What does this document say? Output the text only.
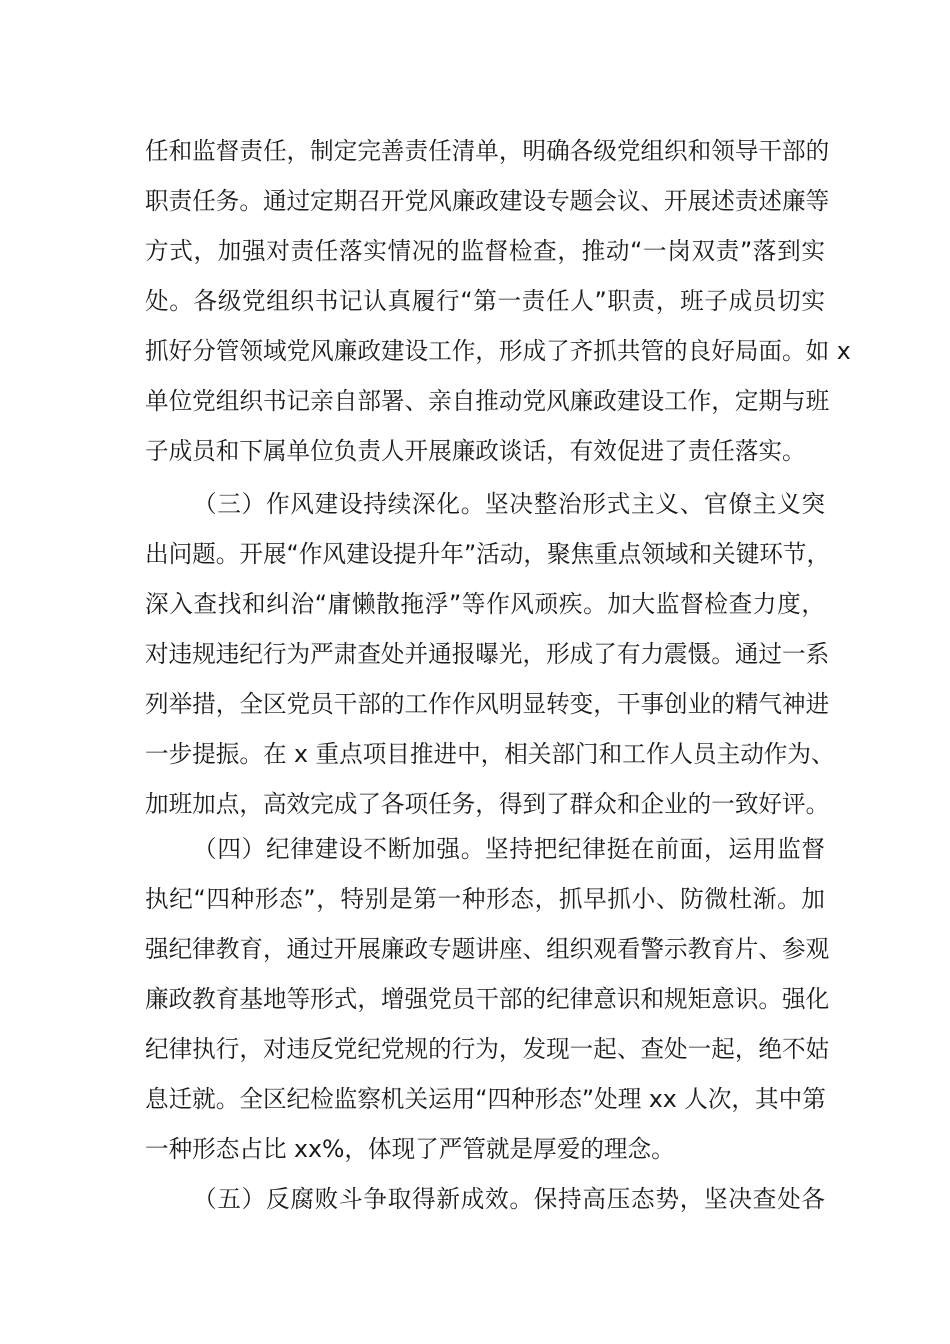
任和监督责任，制定完善责任清单，明确各级党组织和领导干部的
职责任务。通过定期召开党风廉政建设专题会议、开展述责述廉等
方式，加强对责任落实情况的监督检查，推动“一岗双责”落到实
处。各级党组织书记认真履行“第一责任人”职责，班子成员切实
抓好分管领域党风廉政建设工作，形成了齐抓共管的良好局面。如 x
单位党组织书记亲自部署、亲自推动党风廉政建设工作，定期与班
子成员和下属单位负责人开展廉政谈话，有效促进了责任落实。
（三）作风建设持续深化。坚决整治形式主义、官僚主义突
出问题。开展“作风建设提升年”活动，聚焦重点领域和关键环节，
深入查找和纠治“庸懒散拖浮”等作风顽疾。加大监督检查力度，
对违规违纪行为严肃查处并通报曝光，形成了有力震慑。通过一系
列举措，全区党员干部的工作作风明显转变，干事创业的精气神进
一步提振。在 x 重点项目推进中，相关部门和工作人员主动作为、
加班加点，高效完成了各项任务，得到了群众和企业的一致好评。
（四）纪律建设不断加强。坚持把纪律挺在前面，运用监督
执纪“四种形态”，特别是第一种形态，抓早抓小、防微杜渐。加
强纪律教育，通过开展廉政专题讲座、组织观看警示教育片、参观
廉政教育基地等形式，增强党员干部的纪律意识和规矩意识。强化
纪律执行，对违反党纪党规的行为，发现一起、查处一起，绝不姑
息迁就。全区纪检监察机关运用“四种形态”处理 xx 人次，其中第
一种形态占比 xx%，体现了严管就是厚爱的理念。
（五）反腐败斗争取得新成效。保持高压态势，坚决查处各
